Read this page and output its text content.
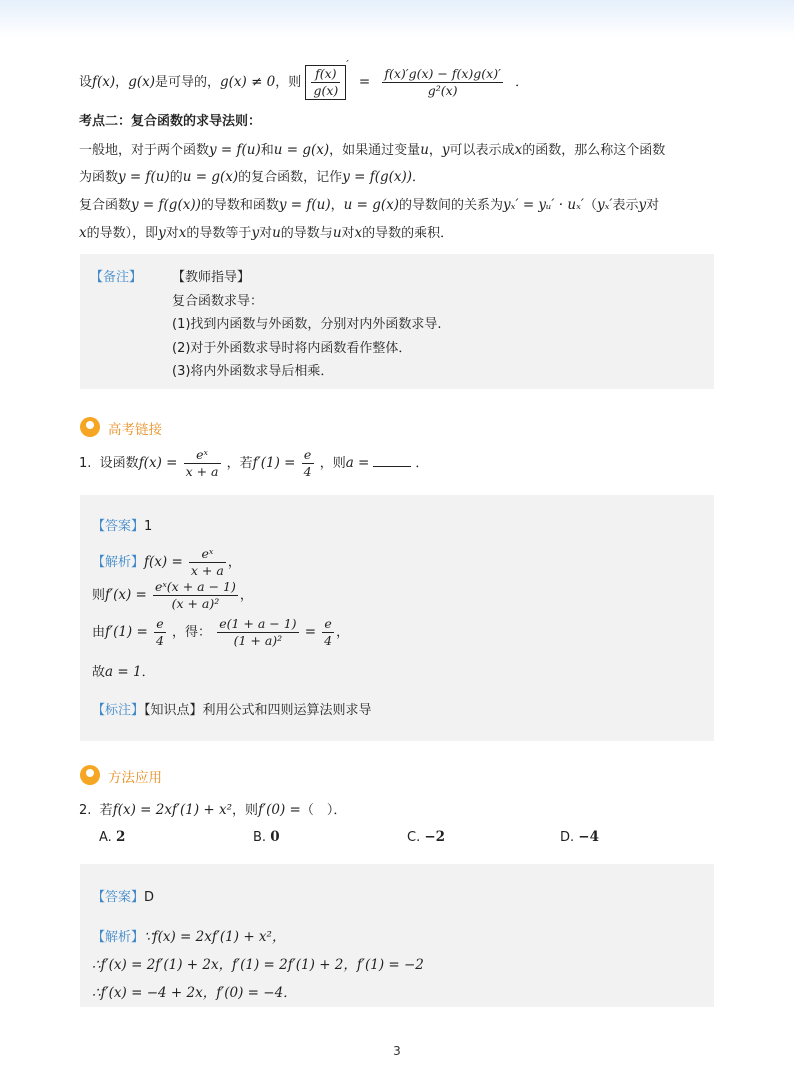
设f(x)，g(x)是可导的，g(x) ≠ 0，则 $\frac{f(x)}{g(x)}$
$' = \frac{f(x)'g(x) - f(x)g(x)'}{\text{g²(x)}}$ ．
考点二：复合函数的求导法则：
一般地，对于两个函数y = f(u)和u = g(x)，如果通过变量u，y可以表示成x的函数，那么称这个函数
为函数y = f(u)的u = g(x)的复合函数，记作y = f(g(x))．
复合函数y = f(g(x))的导数和函数y = f(u)，u = g(x)的导数间的关系为yₓ′ = yᵤ′ · uₓ′（yₓ′表示y对
x的导数），即y对x的导数等于y对u的导数与u对x的导数的乘积．
【备注】 【教师指导】
复合函数求导：
(1)找到内函数与外函数，分别对内外函数求导.
(2)对于外函数求导时将内函数看作整体．
(3)将内外函数求导后相乘．
高考链接
1. 设函数$f(x) = \frac{\text{eˣ}}{x + a}$ ，若$f'(1) = \frac{e}{4}$ ，则a =	．
【答案】1
【解析】$f(x) = \frac{\text{eˣ}}{x + a}$ ，
则$f'(x) = \frac{\text{eˣ(x + a − 1)}}{\text{(x + a)²}}$ ，
由$f'(1) = \frac{e}{4}$ ，得： $\frac{e(1 + a - 1)}{\text{(1 + a)²}} = \frac{e}{4}$ ，
故a = 1．
【标注】【知识点】利用公式和四则运算法则求导
方法应用
2. 若f(x) = 2xf′(1) + x²，则f′(0) =（　）．
A. 2	B. 0	C. −2	D. −4
【答案】D
【解析】∵f(x) = 2xf′(1) + x²，
∴f′(x) = 2f′(1) + 2x，f′(1) = 2f′(1) + 2，f′(1) = −2
∴f′(x) = −4 + 2x，f′(0) = −4．
3
